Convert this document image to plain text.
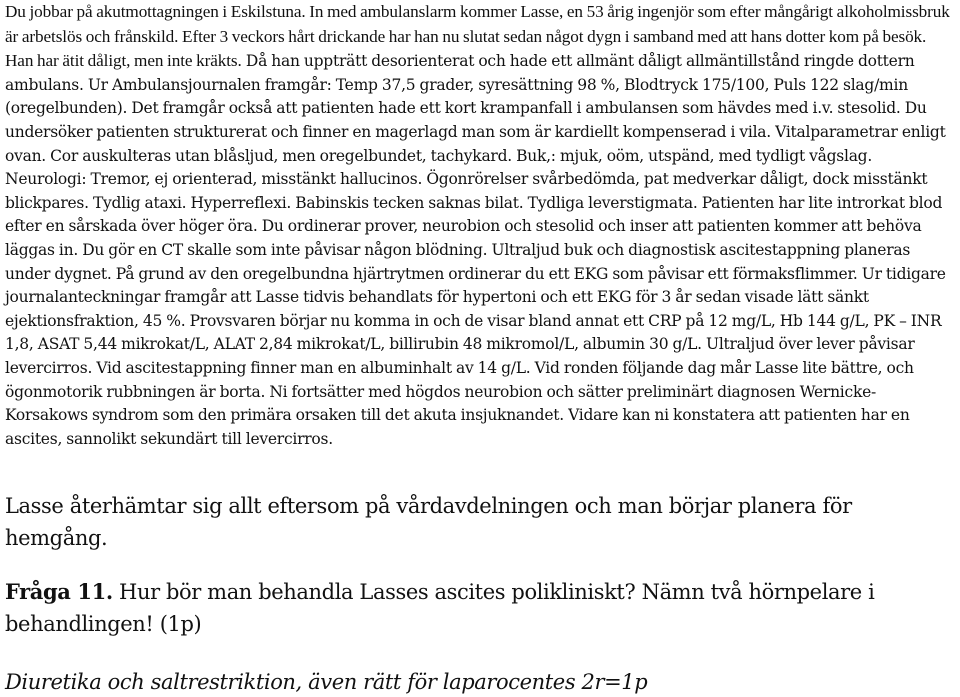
Du jobbar på akutmottagningen i Eskilstuna. In med ambulanslarm kommer Lasse, en 53 årig ingenjör som efter mångårigt alkoholmissbruk är arbetslös och frånskild. Efter 3 veckors hårt drickande har han nu slutat sedan något dygn i samband med att hans dotter kom på besök. Han har ätit dåligt, men inte kräkts.

Då han uppträtt desorienterat och hade ett allmänt dåligt allmäntillstånd ringde dottern ambulans. Ur Ambulansjournalen framgår: Temp 37,5 grader, syresättning 98 %, Blodtryck 175/100, Puls 122 slag/min (oregelbunden). Det framgår också att patienten hade ett kort krampanfall i ambulansen som hävdes med i.v. stesolid. Du undersöker patienten strukturerat och finner en magerlagd man som är kardiellt kompenserad i vila. Vitalparametrar enligt ovan. Cor auskulteras utan blåsljud, men oregelbundet, tachykard. Buk,: mjuk, oöm, utspänd, med tydligt vågslag. Neurologi: Tremor, ej orienterad, misstänkt hallucinos. Ögonrörelser svårbedömda, pat medverkar dåligt, dock misstänkt blickpares. Tydlig ataxi. Hyperreflexi. Babinskis tecken saknas bilat. Tydliga leverstigmata. Patienten har lite introrkat blod efter en sårskada över höger öra. Du ordinerar prover, neurobion och stesolid och inser att patienten kommer att behöva läggas in. Du gör en CT skalle som inte påvisar någon blödning. Ultraljud buk och diagnostisk ascitestappning planeras under dygnet. På grund av den oregelbundna hjärtrytmen ordinerar du ett EKG som påvisar ett förmaksflimmer. Ur tidigare journalanteckningar framgår att Lasse tidvis behandlats för hypertoni och ett EKG för 3 år sedan visade lätt sänkt ejektionsfraktion, 45 %. Provsvaren börjar nu komma in och de visar bland annat ett CRP på 12 mg/L, Hb 144 g/L, PK – INR 1,8, ASAT 5,44 mikrokat/L, ALAT 2,84 mikrokat/L, billirubin 48 mikromol/L, albumin 30 g/L. Ultraljud över lever påvisar levercirros. Vid ascitestappning finner man en albuminhalt av 14 g/L. Vid ronden följande dag mår Lasse lite bättre, och ögonmotorik rubbningen är borta. Ni fortsätter med högdos neurobion och sätter preliminärt diagnosen Wernicke-Korsakows syndrom som den primära orsaken till det akuta insjuknandet. Vidare kan ni konstatera att patienten har en ascites, sannolikt sekundärt till levercirros.

Lasse återhämtar sig allt eftersom på vårdavdelningen och man börjar planera för hemgång.

Fråga 11. Hur bör man behandla Lasses ascites polikliniskt? Nämn två hörnpelare i behandlingen! (1p)

Diuretika och saltrestriktion, även rätt för laparocentes 2r=1p
